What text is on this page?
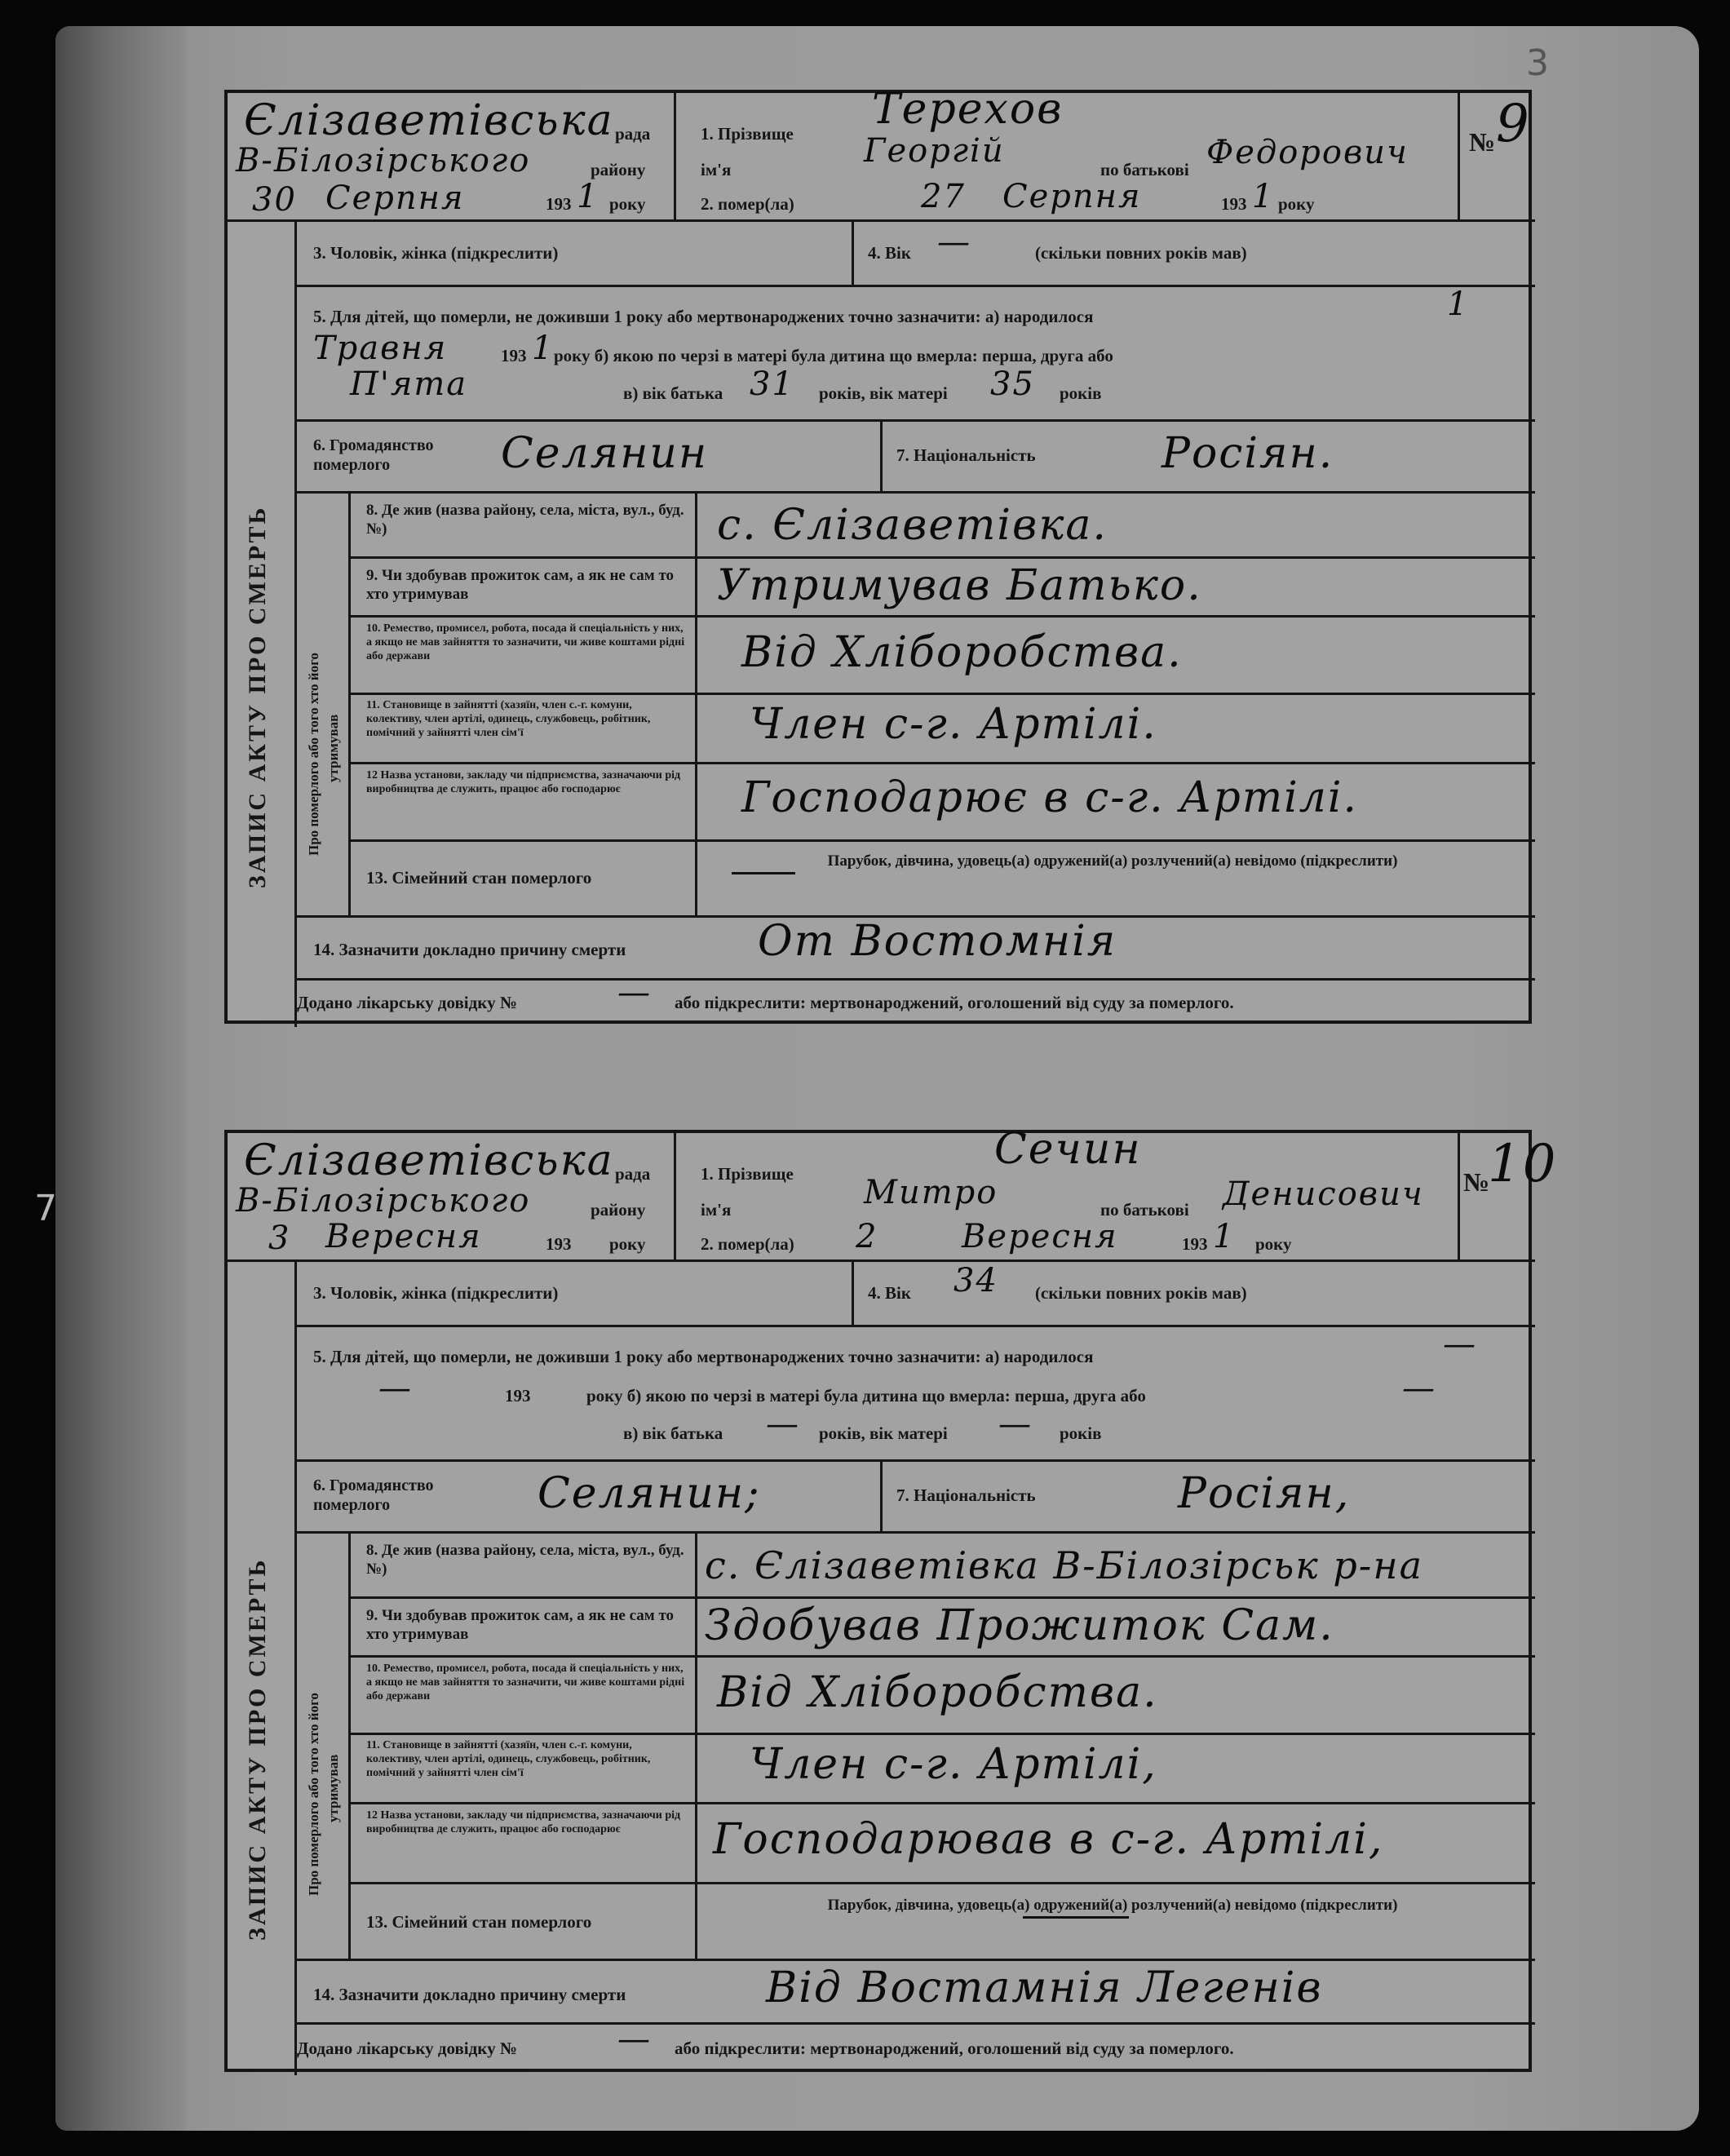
3
7
Єлізаветівська рада
В-Білозірського	району
30 Серпня	193 1 року
1. Прізвище Терехов
ім'я	Георгій	по батькові Федорович
2. помер(ла)	27 Серпня	193 1 року
№ 9
ЗАПИС АКТУ ПРО СМЕРТЬ	Про померлого або того хто його утримував
3. Чоловік, жінка (підкреслити)	4. Вік —	(скільки повних років мав)
5. Для дітей, що померли, не доживши 1 року або мертвонароджених точно зазначити: а) народилося	1
Травня	193 1 року б) якою по черзі в матері була дитина що вмерла: перша, друга або
П'ята	в) вік батька 31 років, вік матері 35 років
6. Громадянство померлого	Селянин	7. Національність	Росіян.
8. Де жив (назва району, села, міста, вул., буд. №)	с. Єлізаветівка.
9. Чи здобував прожиток сам, а як не сам то хто утримував	Утримував Батько.
10. Ремество, промисел, робота, посада й спеціальність у них, а якщо не мав зайняття то зазначити, чи живе коштами рідні або держави	Від Хліборобства.
11. Становище в зайнятті (хазяїн, член с.-г. комуни, колективу, член артілі, одинець, службовець, робітник, помічний у зайнятті член сім'ї	Член с-г. Артілі.
12 Назва установи, закладу чи підприємства, зазначаючи рід виробництва де служить, працює або господарює	Господарює в с-г. Артілі.
13. Сімейний стан померлого
Парубок, дівчина, удовець(а) одружений(а) розлучений(а) невідомо (підкреслити)
14. Зазначити докладно причину смерти	От Востомнія
Додано лікарську довідку №	— або підкреслити: мертвонароджений, оголошений від суду за померлого.
Єлізаветівська рада
В-Білозірського	району
3 Вересня	193 року
1. Прізвище	Сечин
ім'я	Митро	по батькові Денисович
2. помер(ла) 2	Вересня	193 1 року
№
10
ЗАПИС АКТУ ПРО СМЕРТЬ	Про померлого або того хто його утримував
3. Чоловік, жінка (підкреслити)	4. Вік 34 (скільки повних років мав)
5. Для дітей, що померли, не доживши 1 року або мертвонароджених точно зазначити: а) народилося	—
—	193	року б) якою по черзі в матері була дитина що вмерла: перша, друга або	—
в) вік батька — років, вік матері — років
6. Громадянство померлого	Селянин;	7. Національність	Росіян,
8. Де жив (назва району, села, міста, вул., буд. №)	с. Єлізаветівка В-Білозірськ р-на
9. Чи здобував прожиток сам, а як не сам то хто утримував	Здобував Прожиток Сам.
10. Ремество, промисел, робота, посада й спеціальність у них, а якщо не мав зайняття то зазначити, чи живе коштами рідні або держави	Від Хліборобства.
11. Становище в зайнятті (хазяїн, член с.-г. комуни, колективу, член артілі, одинець, службовець, робітник, помічний у зайнятті член сім'ї	Член с-г. Артілі,
12 Назва установи, закладу чи підприємства, зазначаючи рід виробництва де служить, працює або господарює	Господарював в с-г. Артілі,
13. Сімейний стан померлого
Парубок, дівчина, удовець(а) одружений(а) розлучений(а) невідомо (підкреслити)
14. Зазначити докладно причину смерти	Від Востамнія Легенів
Додано лікарську довідку №	— або підкреслити: мертвонароджений, оголошений від суду за померлого.
